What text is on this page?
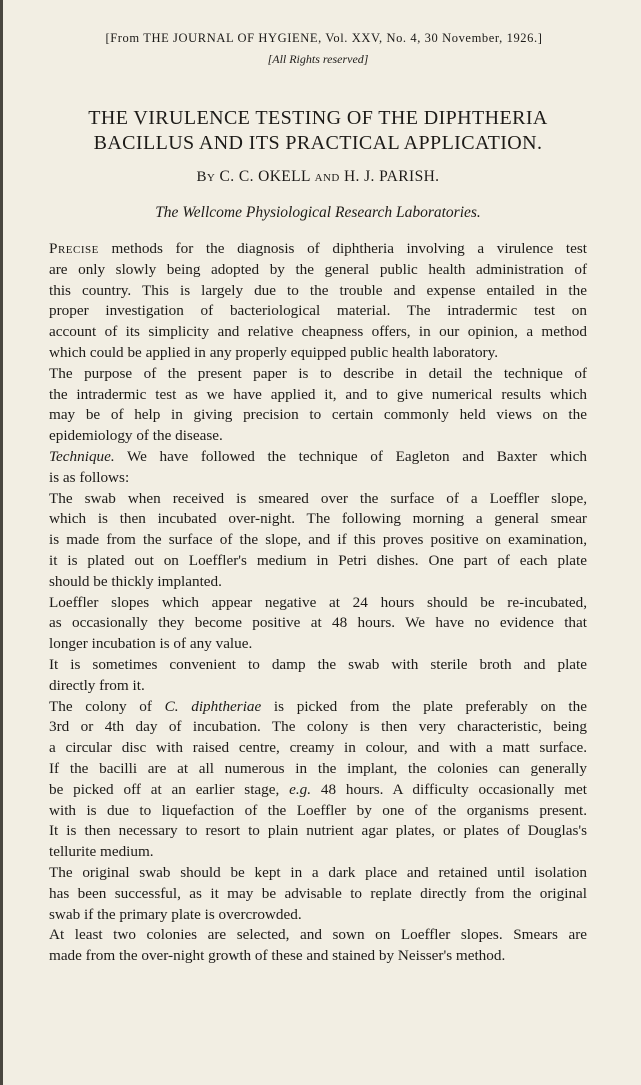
[From THE JOURNAL OF HYGIENE, Vol. XXV, No. 4, 30 November, 1926.]

[All Rights reserved]

THE VIRULENCE TESTING OF THE DIPHTHERIA
BACILLUS AND ITS PRACTICAL APPLICATION.

By C. C. OKELL and H. J. PARISH.

The Wellcome Physiological Research Laboratories.

Precise methods for the diagnosis of diphtheria involving a virulence test
are only slowly being adopted by the general public health administration of
this country. This is largely due to the trouble and expense entailed in the
proper investigation of bacteriological material. The intradermic test on
account of its simplicity and relative cheapness offers, in our opinion, a method
which could be applied in any properly equipped public health laboratory.

The purpose of the present paper is to describe in detail the technique of
the intradermic test as we have applied it, and to give numerical results which
may be of help in giving precision to certain commonly held views on the
epidemiology of the disease.

Technique. We have followed the technique of Eagleton and Baxter which
is as follows:

The swab when received is smeared over the surface of a Loeffler slope,
which is then incubated over-night. The following morning a general smear
is made from the surface of the slope, and if this proves positive on examination,
it is plated out on Loeffler's medium in Petri dishes. One part of each plate
should be thickly implanted.

Loeffler slopes which appear negative at 24 hours should be re-incubated,
as occasionally they become positive at 48 hours. We have no evidence that
longer incubation is of any value.

It is sometimes convenient to damp the swab with sterile broth and plate
directly from it.

The colony of C. diphtheriae is picked from the plate preferably on the
3rd or 4th day of incubation. The colony is then very characteristic, being
a circular disc with raised centre, creamy in colour, and with a matt surface.
If the bacilli are at all numerous in the implant, the colonies can generally
be picked off at an earlier stage, e.g. 48 hours. A difficulty occasionally met
with is due to liquefaction of the Loeffler by one of the organisms present.
It is then necessary to resort to plain nutrient agar plates, or plates of Douglas's
tellurite medium.

The original swab should be kept in a dark place and retained until isolation
has been successful, as it may be advisable to replate directly from the original
swab if the primary plate is overcrowded.

At least two colonies are selected, and sown on Loeffler slopes. Smears are
made from the over-night growth of these and stained by Neisser's method.
